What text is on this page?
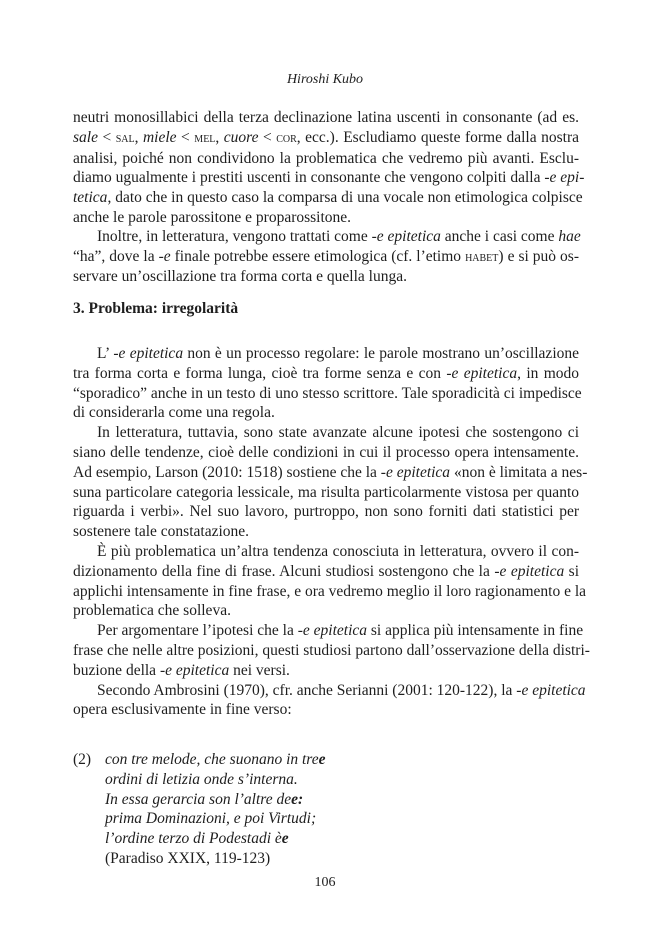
Hiroshi Kubo
neutri monosillabici della terza declinazione latina uscenti in consonante (ad es.
sale < sal, miele < mel, cuore < cor, ecc.). Escludiamo queste forme dalla nostra
analisi, poiché non condividono la problematica che vedremo più avanti. Esclu-
diamo ugualmente i prestiti uscenti in consonante che vengono colpiti dalla -e epi-
tetica, dato che in questo caso la comparsa di una vocale non etimologica colpisce
anche le parole parossitone e proparossitone.
Inoltre, in letteratura, vengono trattati come -e epitetica anche i casi come hae
“ha”, dove la -e finale potrebbe essere etimologica (cf. l’etimo habet) e si può os-
servare un’oscillazione tra forma corta e quella lunga.
3. Problema: irregolarità
L’ -e epitetica non è un processo regolare: le parole mostrano un’oscillazione
tra forma corta e forma lunga, cioè tra forme senza e con -e epitetica, in modo
“sporadico” anche in un testo di uno stesso scrittore. Tale sporadicità ci impedisce
di considerarla come una regola.
In letteratura, tuttavia, sono state avanzate alcune ipotesi che sostengono ci
siano delle tendenze, cioè delle condizioni in cui il processo opera intensamente.
Ad esempio, Larson (2010: 1518) sostiene che la -e epitetica «non è limitata a nes-
suna particolare categoria lessicale, ma risulta particolarmente vistosa per quanto
riguarda i verbi». Nel suo lavoro, purtroppo, non sono forniti dati statistici per
sostenere tale constatazione.
È più problematica un’altra tendenza conosciuta in letteratura, ovvero il con-
dizionamento della fine di frase. Alcuni studiosi sostengono che la -e epitetica si
applichi intensamente in fine frase, e ora vedremo meglio il loro ragionamento e la
problematica che solleva.
Per argomentare l’ipotesi che la -e epitetica si applica più intensamente in fine
frase che nelle altre posizioni, questi studiosi partono dall’osservazione della distri-
buzione della -e epitetica nei versi.
Secondo Ambrosini (1970), cfr. anche Serianni (2001: 120-122), la -e epitetica
opera esclusivamente in fine verso:
(2) con tre melode, che suonano in tree
ordini di letizia onde s’interna.
In essa gerarcia son l’altre dee:
prima Dominazioni, e poi Virtudi;
l’ordine terzo di Podestadi èe
(Paradiso XXIX, 119-123)
106
